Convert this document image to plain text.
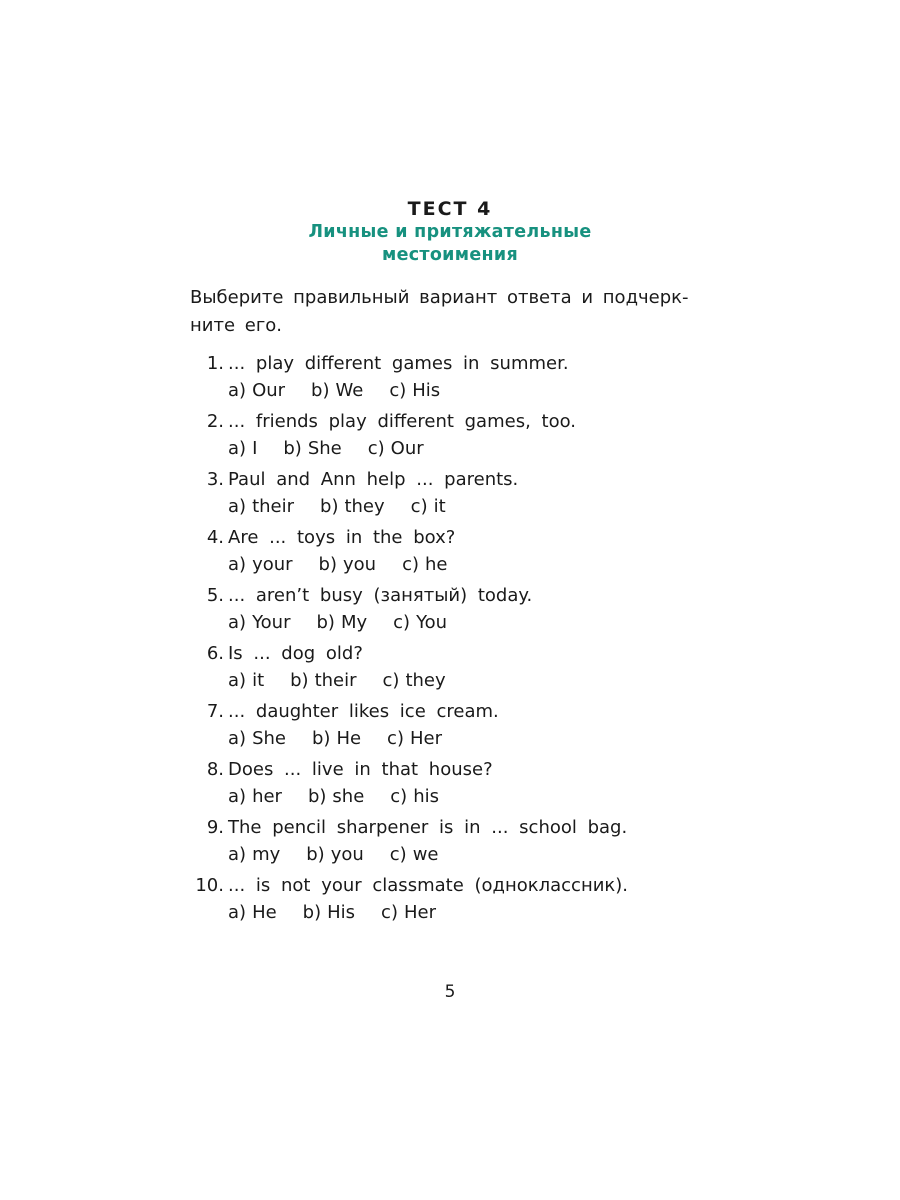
ТЕСТ 4
Личные и притяжательные
местоимения
Выберите правильный вариант ответа и подчерк-
ните его.
1. ... play different games in summer.
a) Our b) We c) His
2. ... friends play different games, too.
a) I b) She c) Our
3. Paul and Ann help ... parents.
a) their b) they c) it
4. Are ... toys in the box?
a) your b) you c) he
5. ... aren’t busy (занятый) today.
a) Your b) My c) You
6. Is ... dog old?
a) it b) their c) they
7. ... daughter likes ice cream.
a) She b) He c) Her
8. Does ... live in that house?
a) her b) she c) his
9. The pencil sharpener is in ... school bag.
a) my b) you c) we
10. ... is not your classmate (одноклассник).
a) He b) His c) Her
5
